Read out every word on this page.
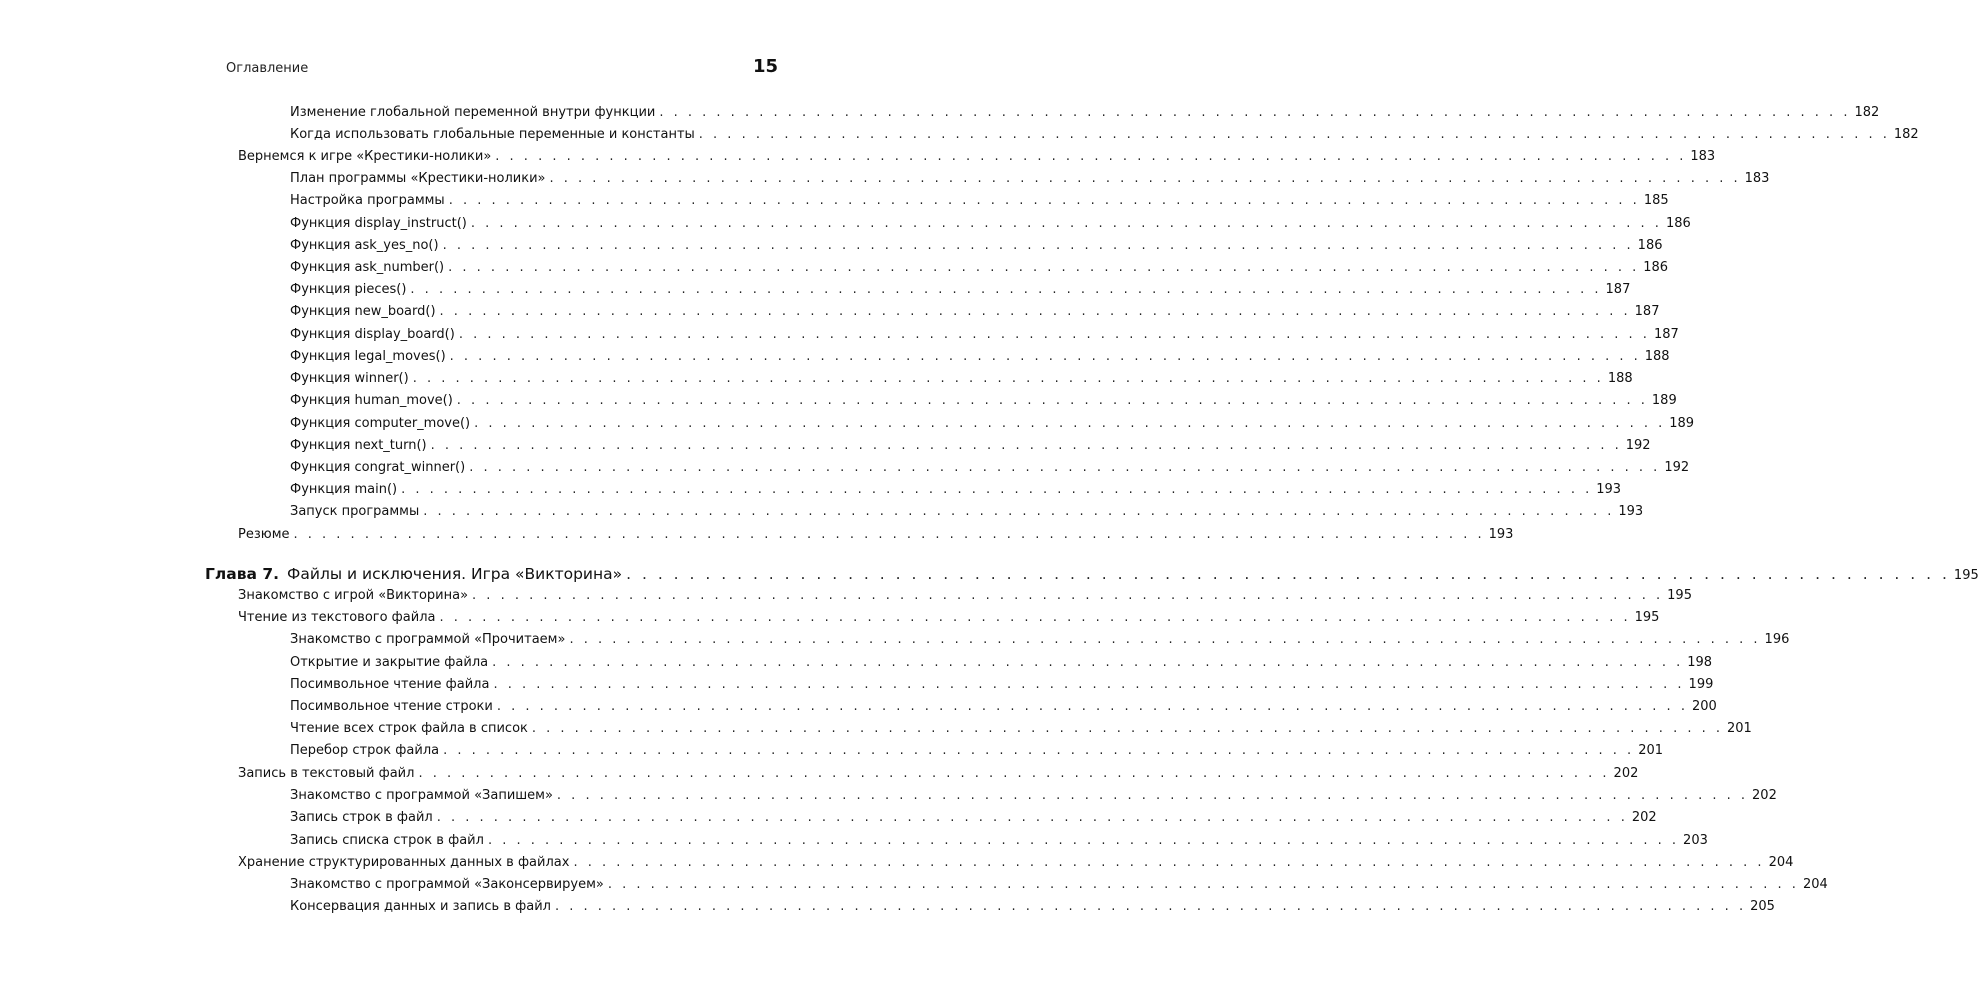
Оглавление	15
Изменение глобальной переменной внутри функции . . . . . . . . . . . . . . . . . . . . . . . . . . . . . . . . . . . . . . . . . . . . . . . . . . . . . . . . . . . . . . . . . . . . . . . . . . . . . . . . . . . . 182
Когда использовать глобальные переменные и константы . . . . . . . . . . . . . . . . . . . . . . . . . . . . . . . . . . . . . . . . . . . . . . . . . . . . . . . . . . . . . . . . . . . . . . . . . . . . . . . . . . . . 182
Вернемся к игре «Крестики-нолики» . . . . . . . . . . . . . . . . . . . . . . . . . . . . . . . . . . . . . . . . . . . . . . . . . . . . . . . . . . . . . . . . . . . . . . . . . . . . . . . . . . . . 183
План программы «Крестики-нолики» . . . . . . . . . . . . . . . . . . . . . . . . . . . . . . . . . . . . . . . . . . . . . . . . . . . . . . . . . . . . . . . . . . . . . . . . . . . . . . . . . . . . 183
Настройка программы . . . . . . . . . . . . . . . . . . . . . . . . . . . . . . . . . . . . . . . . . . . . . . . . . . . . . . . . . . . . . . . . . . . . . . . . . . . . . . . . . . . . 185
Функция display_instruct() . . . . . . . . . . . . . . . . . . . . . . . . . . . . . . . . . . . . . . . . . . . . . . . . . . . . . . . . . . . . . . . . . . . . . . . . . . . . . . . . . . . . 186
Функция ask_yes_no() . . . . . . . . . . . . . . . . . . . . . . . . . . . . . . . . . . . . . . . . . . . . . . . . . . . . . . . . . . . . . . . . . . . . . . . . . . . . . . . . . . . . 186
Функция ask_number() . . . . . . . . . . . . . . . . . . . . . . . . . . . . . . . . . . . . . . . . . . . . . . . . . . . . . . . . . . . . . . . . . . . . . . . . . . . . . . . . . . . . 186
Функция pieces() . . . . . . . . . . . . . . . . . . . . . . . . . . . . . . . . . . . . . . . . . . . . . . . . . . . . . . . . . . . . . . . . . . . . . . . . . . . . . . . . . . . . 187
Функция new_board() . . . . . . . . . . . . . . . . . . . . . . . . . . . . . . . . . . . . . . . . . . . . . . . . . . . . . . . . . . . . . . . . . . . . . . . . . . . . . . . . . . . . 187
Функция display_board() . . . . . . . . . . . . . . . . . . . . . . . . . . . . . . . . . . . . . . . . . . . . . . . . . . . . . . . . . . . . . . . . . . . . . . . . . . . . . . . . . . . . 187
Функция legal_moves() . . . . . . . . . . . . . . . . . . . . . . . . . . . . . . . . . . . . . . . . . . . . . . . . . . . . . . . . . . . . . . . . . . . . . . . . . . . . . . . . . . . . 188
Функция winner() . . . . . . . . . . . . . . . . . . . . . . . . . . . . . . . . . . . . . . . . . . . . . . . . . . . . . . . . . . . . . . . . . . . . . . . . . . . . . . . . . . . . 188
Функция human_move() . . . . . . . . . . . . . . . . . . . . . . . . . . . . . . . . . . . . . . . . . . . . . . . . . . . . . . . . . . . . . . . . . . . . . . . . . . . . . . . . . . . . 189
Функция computer_move() . . . . . . . . . . . . . . . . . . . . . . . . . . . . . . . . . . . . . . . . . . . . . . . . . . . . . . . . . . . . . . . . . . . . . . . . . . . . . . . . . . . . 189
Функция next_turn() . . . . . . . . . . . . . . . . . . . . . . . . . . . . . . . . . . . . . . . . . . . . . . . . . . . . . . . . . . . . . . . . . . . . . . . . . . . . . . . . . . . . 192
Функция congrat_winner() . . . . . . . . . . . . . . . . . . . . . . . . . . . . . . . . . . . . . . . . . . . . . . . . . . . . . . . . . . . . . . . . . . . . . . . . . . . . . . . . . . . . 192
Функция main() . . . . . . . . . . . . . . . . . . . . . . . . . . . . . . . . . . . . . . . . . . . . . . . . . . . . . . . . . . . . . . . . . . . . . . . . . . . . . . . . . . . . 193
Запуск программы . . . . . . . . . . . . . . . . . . . . . . . . . . . . . . . . . . . . . . . . . . . . . . . . . . . . . . . . . . . . . . . . . . . . . . . . . . . . . . . . . . . . 193
Резюме . . . . . . . . . . . . . . . . . . . . . . . . . . . . . . . . . . . . . . . . . . . . . . . . . . . . . . . . . . . . . . . . . . . . . . . . . . . . . . . . . . . . 193
Глава 7. Файлы и исключения. Игра «Викторина» . . . . . . . . . . . . . . . . . . . . . . . . . . . . . . . . . . . . . . . . . . . . . . . . . . . . . . . . . . . . . . . . . . . . . . . . . . . . . . . . . . . . 195
Знакомство с игрой «Викторина» . . . . . . . . . . . . . . . . . . . . . . . . . . . . . . . . . . . . . . . . . . . . . . . . . . . . . . . . . . . . . . . . . . . . . . . . . . . . . . . . . . . . 195
Чтение из текстового файла . . . . . . . . . . . . . . . . . . . . . . . . . . . . . . . . . . . . . . . . . . . . . . . . . . . . . . . . . . . . . . . . . . . . . . . . . . . . . . . . . . . . 195
Знакомство с программой «Прочитаем» . . . . . . . . . . . . . . . . . . . . . . . . . . . . . . . . . . . . . . . . . . . . . . . . . . . . . . . . . . . . . . . . . . . . . . . . . . . . . . . . . . . . 196
Открытие и закрытие файла . . . . . . . . . . . . . . . . . . . . . . . . . . . . . . . . . . . . . . . . . . . . . . . . . . . . . . . . . . . . . . . . . . . . . . . . . . . . . . . . . . . . 198
Посимвольное чтение файла . . . . . . . . . . . . . . . . . . . . . . . . . . . . . . . . . . . . . . . . . . . . . . . . . . . . . . . . . . . . . . . . . . . . . . . . . . . . . . . . . . . . 199
Посимвольное чтение строки . . . . . . . . . . . . . . . . . . . . . . . . . . . . . . . . . . . . . . . . . . . . . . . . . . . . . . . . . . . . . . . . . . . . . . . . . . . . . . . . . . . . 200
Чтение всех строк файла в список . . . . . . . . . . . . . . . . . . . . . . . . . . . . . . . . . . . . . . . . . . . . . . . . . . . . . . . . . . . . . . . . . . . . . . . . . . . . . . . . . . . . 201
Перебор строк файла . . . . . . . . . . . . . . . . . . . . . . . . . . . . . . . . . . . . . . . . . . . . . . . . . . . . . . . . . . . . . . . . . . . . . . . . . . . . . . . . . . . . 201
Запись в текстовый файл . . . . . . . . . . . . . . . . . . . . . . . . . . . . . . . . . . . . . . . . . . . . . . . . . . . . . . . . . . . . . . . . . . . . . . . . . . . . . . . . . . . . 202
Знакомство с программой «Запишем» . . . . . . . . . . . . . . . . . . . . . . . . . . . . . . . . . . . . . . . . . . . . . . . . . . . . . . . . . . . . . . . . . . . . . . . . . . . . . . . . . . . . 202
Запись строк в файл . . . . . . . . . . . . . . . . . . . . . . . . . . . . . . . . . . . . . . . . . . . . . . . . . . . . . . . . . . . . . . . . . . . . . . . . . . . . . . . . . . . . 202
Запись списка строк в файл . . . . . . . . . . . . . . . . . . . . . . . . . . . . . . . . . . . . . . . . . . . . . . . . . . . . . . . . . . . . . . . . . . . . . . . . . . . . . . . . . . . . 203
Хранение структурированных данных в файлах . . . . . . . . . . . . . . . . . . . . . . . . . . . . . . . . . . . . . . . . . . . . . . . . . . . . . . . . . . . . . . . . . . . . . . . . . . . . . . . . . . . . 204
Знакомство с программой «Законсервируем» . . . . . . . . . . . . . . . . . . . . . . . . . . . . . . . . . . . . . . . . . . . . . . . . . . . . . . . . . . . . . . . . . . . . . . . . . . . . . . . . . . . . 204
Консервация данных и запись в файл . . . . . . . . . . . . . . . . . . . . . . . . . . . . . . . . . . . . . . . . . . . . . . . . . . . . . . . . . . . . . . . . . . . . . . . . . . . . . . . . . . . . 205
